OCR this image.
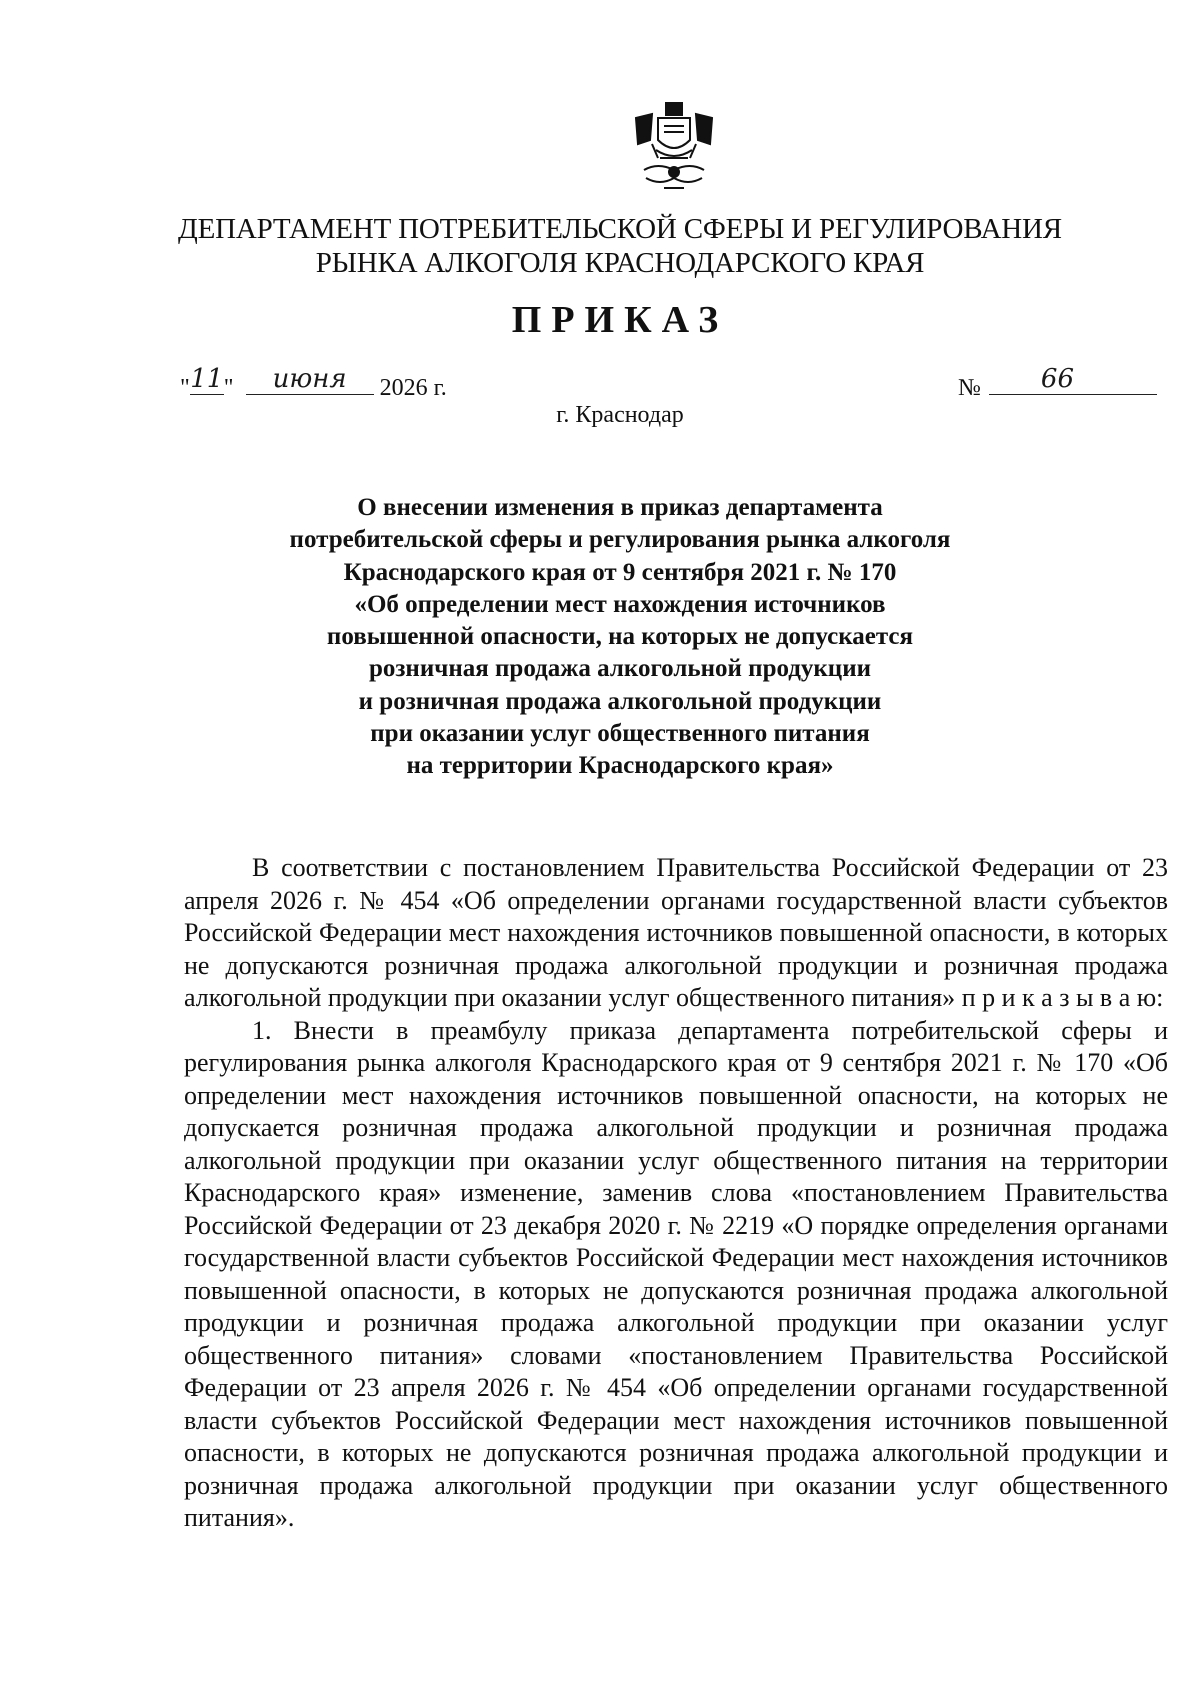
ДЕПАРТАМЕНТ ПОТРЕБИТЕЛЬСКОЙ СФЕРЫ И РЕГУЛИРОВАНИЯ
РЫНКА АЛКОГОЛЯ КРАСНОДАРСКОГО КРАЯ
ПРИКАЗ
" 11 "	июня	2026 г.	№	66
г. Краснодар
О внесении изменения в приказ департамента
потребительской сферы и регулирования рынка алкоголя
Краснодарского края от 9 сентября 2021 г. № 170
«Об определении мест нахождения источников
повышенной опасности, на которых не допускается
розничная продажа алкогольной продукции
и розничная продажа алкогольной продукции
при оказании услуг общественного питания
на территории Краснодарского края»

В соответствии с постановлением Правительства Российской Федерации от 23 апреля 2026 г. № 454 «Об определении органами государственной власти субъектов Российской Федерации мест нахождения источников повышенной опасности, в которых не допускаются розничная продажа алкогольной продукции и розничная продажа алкогольной продукции при оказании услуг общественного питания» п р и к а з ы в а ю:

1. Внести в преамбулу приказа департамента потребительской сферы и регулирования рынка алкоголя Краснодарского края от 9 сентября 2021 г. № 170 «Об определении мест нахождения источников повышенной опасности, на которых не допускается розничная продажа алкогольной продукции и розничная продажа алкогольной продукции при оказании услуг общественного питания на территории Краснодарского края» изменение, заменив слова «постановлением Правительства Российской Федерации от 23 декабря 2020 г. № 2219 «О порядке определения органами государственной власти субъектов Российской Федерации мест нахождения источников повышенной опасности, в которых не допускаются розничная продажа алкогольной продукции и розничная продажа алкогольной продукции при оказании услуг общественного питания» словами «постановлением Правительства Российской Федерации от 23 апреля 2026 г. № 454 «Об определении органами государственной власти субъектов Российской Федерации мест нахождения источников повышенной опасности, в которых не допускаются розничная продажа алкогольной продукции и розничная продажа алкогольной продукции при оказании услуг общественного питания».
